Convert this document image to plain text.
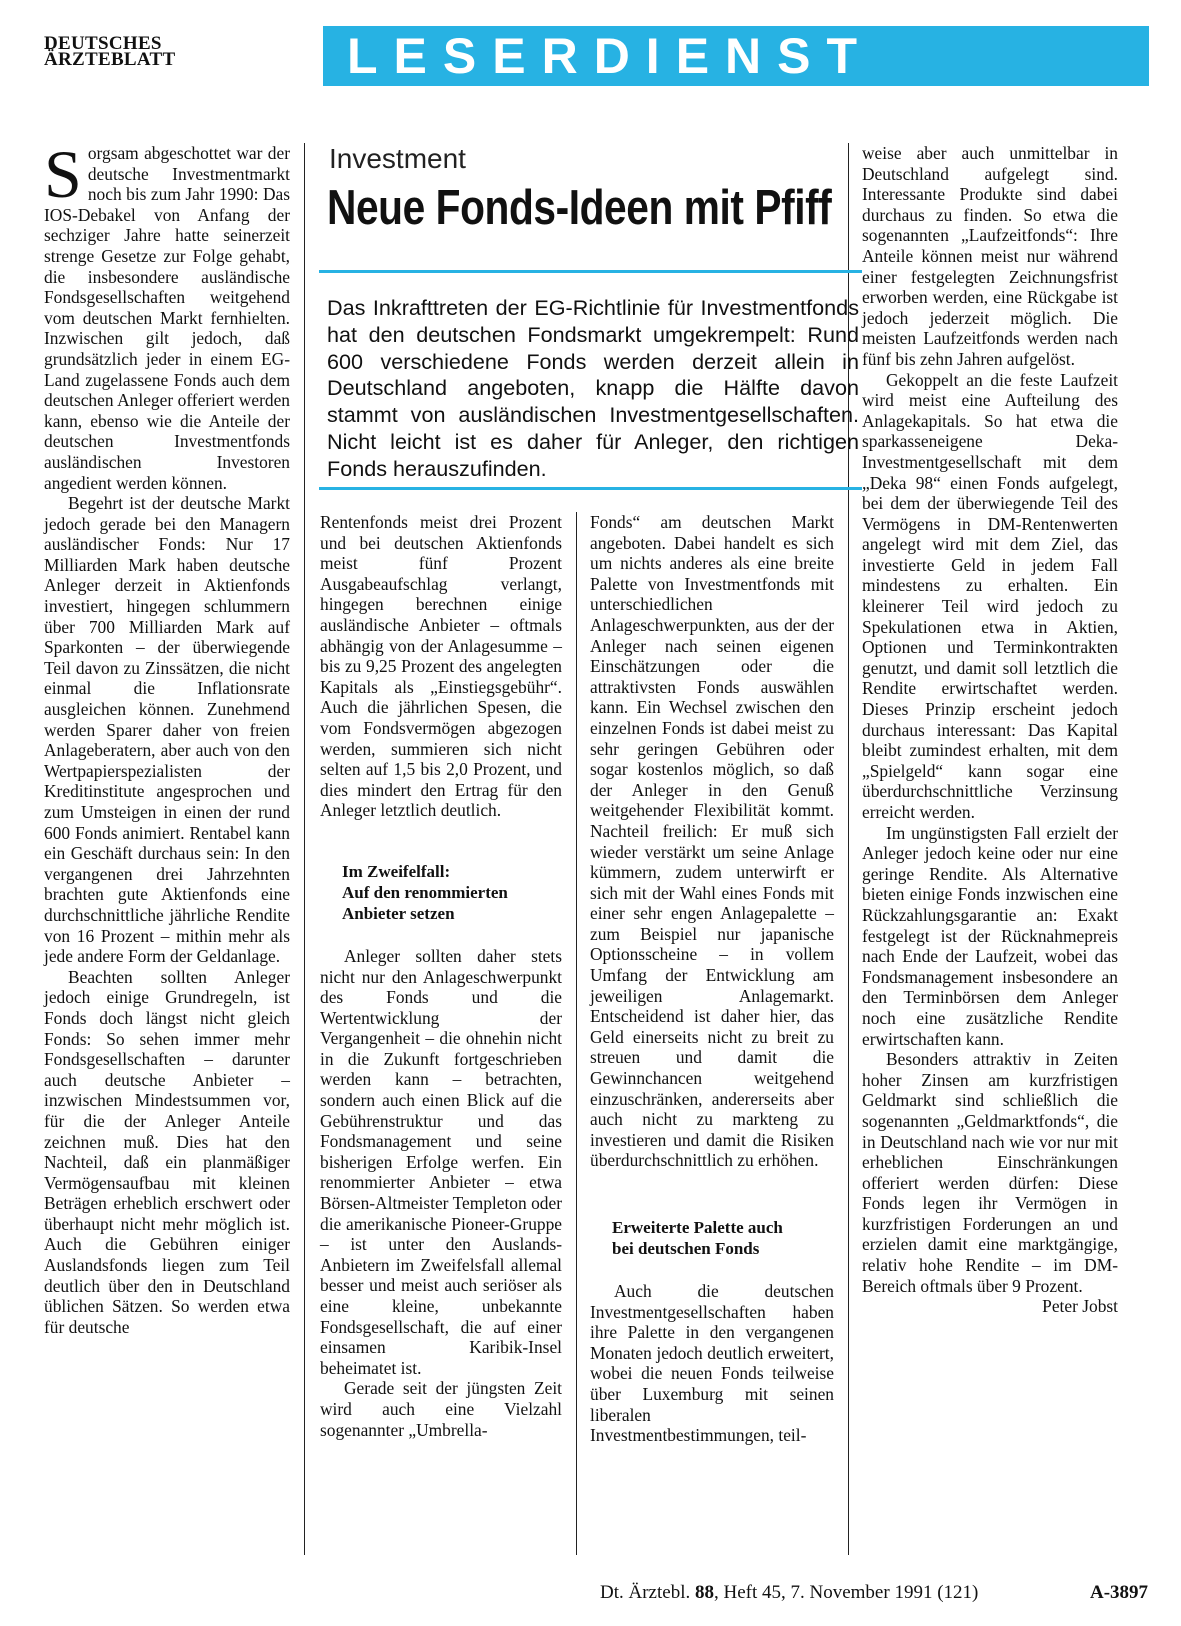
DEUTSCHES
ÄRZTEBLATT	LESERDIENST

Sorgsam abgeschottet war der deutsche Investmentmarkt noch bis zum Jahr 1990: Das IOS-Debakel von Anfang der sechziger Jahre hatte seinerzeit strenge Gesetze zur Folge gehabt, die insbesondere ausländische Fondsgesellschaften weitgehend vom deutschen Markt fernhielten. Inzwischen gilt jedoch, daß grundsätzlich jeder in einem EG-Land zugelassene Fonds auch dem deutschen Anleger offeriert werden kann, ebenso wie die Anteile der deutschen Investmentfonds ausländischen Investoren angedient werden können.

Begehrt ist der deutsche Markt jedoch gerade bei den Managern ausländischer Fonds: Nur 17 Milliarden Mark haben deutsche Anleger derzeit in Aktienfonds investiert, hingegen schlummern über 700 Milliarden Mark auf Sparkonten – der überwiegende Teil davon zu Zinssätzen, die nicht einmal die Inflationsrate ausgleichen können. Zunehmend werden Sparer daher von freien Anlageberatern, aber auch von den Wertpapierspezialisten der Kreditinstitute angesprochen und zum Umsteigen in einen der rund 600 Fonds animiert. Rentabel kann ein Geschäft durchaus sein: In den vergangenen drei Jahrzehnten brachten gute Aktienfonds eine durchschnittliche jährliche Rendite von 16 Prozent – mithin mehr als jede andere Form der Geldanlage.

Beachten sollten Anleger jedoch einige Grundregeln, ist Fonds doch längst nicht gleich Fonds: So sehen immer mehr Fondsgesellschaften – darunter auch deutsche Anbieter – inzwischen Mindestsummen vor, für die der Anleger Anteile zeichnen muß. Dies hat den Nachteil, daß ein planmäßiger Vermögensaufbau mit kleinen Beträgen erheblich erschwert oder überhaupt nicht mehr möglich ist. Auch die Gebühren einiger Auslandsfonds liegen zum Teil deutlich über den in Deutschland üblichen Sätzen. So werden etwa für deutsche

Investment
Neue Fonds-Ideen mit Pfiff
Das Inkrafttreten der EG-Richtlinie für Investmentfonds hat den deutschen Fondsmarkt umgekrempelt: Rund 600 verschiedene Fonds werden derzeit allein in Deutschland angeboten, knapp die Hälfte davon stammt von ausländischen Investmentgesellschaften. Nicht leicht ist es daher für Anleger, den richtigen Fonds herauszufinden.

Rentenfonds meist drei Prozent und bei deutschen Aktienfonds meist fünf Prozent Ausgabeaufschlag verlangt, hingegen berechnen einige ausländische Anbieter – oftmals abhängig von der Anlagesumme – bis zu 9,25 Prozent des angelegten Kapitals als „Einstiegsgebühr“. Auch die jährlichen Spesen, die vom Fondsvermögen abgezogen werden, summieren sich nicht selten auf 1,5 bis 2,0 Prozent, und dies mindert den Ertrag für den Anleger letztlich deutlich.

Im Zweifelfall:
Auf den renommierten
Anbieter setzen

Anleger sollten daher stets nicht nur den Anlageschwerpunkt des Fonds und die Wertentwicklung der Vergangenheit – die ohnehin nicht in die Zukunft fortgeschrieben werden kann – betrachten, sondern auch einen Blick auf die Gebührenstruktur und das Fondsmanagement und seine bisherigen Erfolge werfen. Ein renommierter Anbieter – etwa Börsen-Altmeister Templeton oder die amerikanische Pioneer-Gruppe – ist unter den Auslands-Anbietern im Zweifelsfall allemal besser und meist auch seriöser als eine kleine, unbekannte Fondsgesellschaft, die auf einer einsamen Karibik-Insel beheimatet ist.

Gerade seit der jüngsten Zeit wird auch eine Vielzahl sogenannter „Umbrella-

Fonds“ am deutschen Markt angeboten. Dabei handelt es sich um nichts anderes als eine breite Palette von Investmentfonds mit unterschiedlichen Anlageschwerpunkten, aus der der Anleger nach seinen eigenen Einschätzungen oder die attraktivsten Fonds auswählen kann. Ein Wechsel zwischen den einzelnen Fonds ist dabei meist zu sehr geringen Gebühren oder sogar kostenlos möglich, so daß der Anleger in den Genuß weitgehender Flexibilität kommt. Nachteil freilich: Er muß sich wieder verstärkt um seine Anlage kümmern, zudem unterwirft er sich mit der Wahl eines Fonds mit einer sehr engen Anlagepalette – zum Beispiel nur japanische Optionsscheine – in vollem Umfang der Entwicklung am jeweiligen Anlagemarkt. Entscheidend ist daher hier, das Geld einerseits nicht zu breit zu streuen und damit die Gewinnchancen weitgehend einzuschränken, andererseits aber auch nicht zu markteng zu investieren und damit die Risiken überdurchschnittlich zu erhöhen.

Erweiterte Palette auch
bei deutschen Fonds

Auch die deutschen Investmentgesellschaften haben ihre Palette in den vergangenen Monaten jedoch deutlich erweitert, wobei die neuen Fonds teilweise über Luxemburg mit seinen liberalen Investmentbestimmungen, teil-

weise aber auch unmittelbar in Deutschland aufgelegt sind. Interessante Produkte sind dabei durchaus zu finden. So etwa die sogenannten „Laufzeitfonds“: Ihre Anteile können meist nur während einer festgelegten Zeichnungsfrist erworben werden, eine Rückgabe ist jedoch jederzeit möglich. Die meisten Laufzeitfonds werden nach fünf bis zehn Jahren aufgelöst.

Gekoppelt an die feste Laufzeit wird meist eine Aufteilung des Anlagekapitals. So hat etwa die sparkasseneigene Deka-Investmentgesellschaft mit dem „Deka 98“ einen Fonds aufgelegt, bei dem der überwiegende Teil des Vermögens in DM-Rentenwerten angelegt wird mit dem Ziel, das investierte Geld in jedem Fall mindestens zu erhalten. Ein kleinerer Teil wird jedoch zu Spekulationen etwa in Aktien, Optionen und Terminkontrakten genutzt, und damit soll letztlich die Rendite erwirtschaftet werden. Dieses Prinzip erscheint jedoch durchaus interessant: Das Kapital bleibt zumindest erhalten, mit dem „Spielgeld“ kann sogar eine überdurchschnittliche Verzinsung erreicht werden.

Im ungünstigsten Fall erzielt der Anleger jedoch keine oder nur eine geringe Rendite. Als Alternative bieten einige Fonds inzwischen eine Rückzahlungsgarantie an: Exakt festgelegt ist der Rücknahmepreis nach Ende der Laufzeit, wobei das Fondsmanagement insbesondere an den Terminbörsen dem Anleger noch eine zusätzliche Rendite erwirtschaften kann.

Besonders attraktiv in Zeiten hoher Zinsen am kurzfristigen Geldmarkt sind schließlich die sogenannten „Geldmarktfonds“, die in Deutschland nach wie vor nur mit erheblichen Einschränkungen offeriert werden dürfen: Diese Fonds legen ihr Vermögen in kurzfristigen Forderungen an und erzielen damit eine marktgängige, relativ hohe Rendite – im DM-Bereich oftmals über 9 Prozent.

Peter Jobst

Dt. Ärztebl. 88, Heft 45, 7. November 1991 (121)	A-3897
